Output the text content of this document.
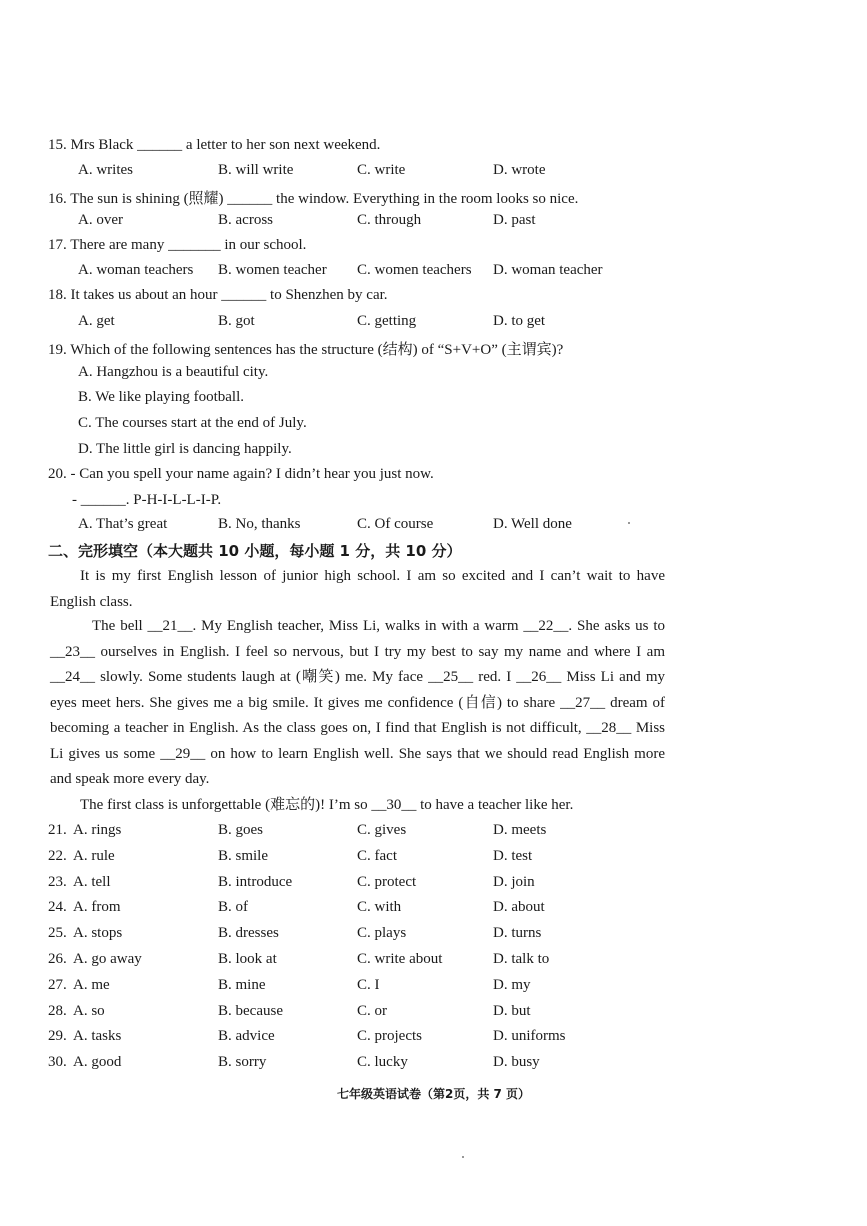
15. Mrs Black ______ a letter to her son next weekend.
A. writes	B. will write	C. write	D. wrote
16. The sun is shining (照耀) ______ the window. Everything in the room looks so nice.
A. over	B. across	C. through	D. past
17. There are many _______ in our school.
A. woman teachers B. women teacher C. women teachers D. woman teacher
18. It takes us about an hour ______ to Shenzhen by car.
A. get	B. got	C. getting	D. to get
19. Which of the following sentences has the structure (结构) of “S+V+O” (主谓宾)?
A. Hangzhou is a beautiful city.
B. We like playing football.
C. The courses start at the end of July.
D. The little girl is dancing happily.
20. - Can you spell your name again? I didn’t hear you just now.
- ______. P-H-I-L-L-I-P.
A. That’s great	B. No, thanks	C. Of course	D. Well done
二、完形填空（本大题共 10 小题，每小题 1 分，共 10 分）
It is my first English lesson of junior high school. I am so excited and I can’t wait to have English class.
The bell __21__. My English teacher, Miss Li, walks in with a warm __22__. She asks us to __23__ ourselves in English. I feel so nervous, but I try my best to say my name and where I am __24__ slowly. Some students laugh at (嘲笑) me. My face __25__ red. I __26__ Miss Li and my eyes meet hers. She gives me a big smile. It gives me confidence (自信) to share __27__ dream of becoming a teacher in English. As the class goes on, I find that English is not difficult, __28__ Miss Li gives us some __29__ on how to learn English well. She says that we should read English more and speak more every day.
The first class is unforgettable (难忘的)! I’m so __30__ to have a teacher like her.
21. A. rings	B. goes	C. gives	D. meets
22. A. rule	B. smile	C. fact	D. test
23. A. tell	B. introduce	C. protect	D. join
24. A. from	B. of	C. with	D. about
25. A. stops	B. dresses	C. plays	D. turns
26. A. go away	B. look at	C. write about	D. talk to
27. A. me	B. mine	C. I	D. my
28. A. so	B. because	C. or	D. but
29. A. tasks	B. advice	C. projects	D. uniforms
30. A. good	B. sorry	C. lucky	D. busy
七年级英语试卷（第2页，共 7 页）
